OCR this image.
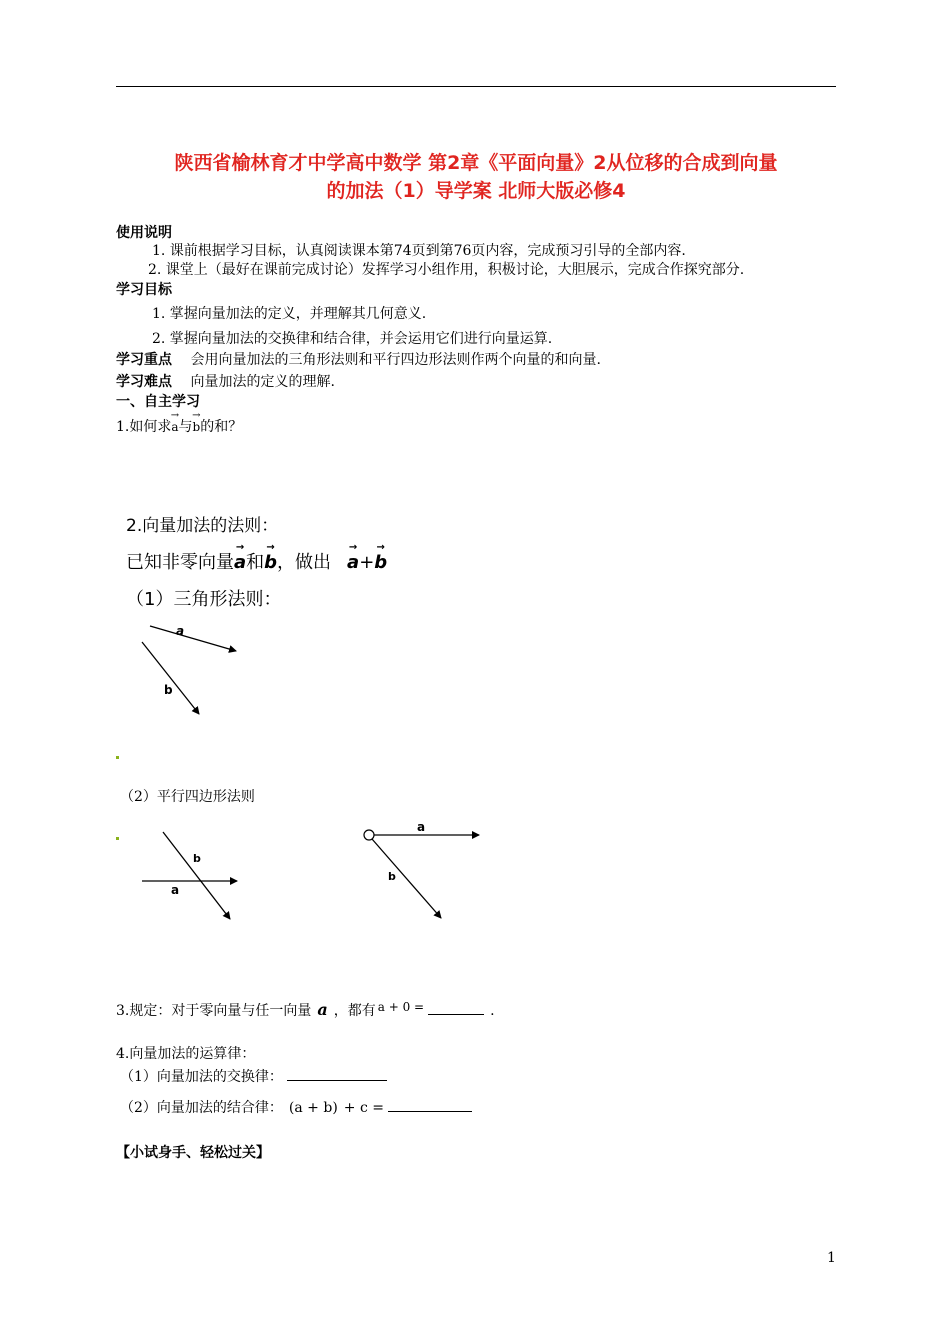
陕西省榆林育才中学高中数学 第2章《平面向量》2从位移的合成到向量
的加法（1）导学案 北师大版必修4
使用说明
1. 课前根据学习目标，认真阅读课本第74页到第76页内容，完成预习引导的全部内容.
2. 课堂上（最好在课前完成讨论）发挥学习小组作用，积极讨论，大胆展示，完成合作探究部分.
学习目标
1. 掌握向量加法的定义，并理解其几何意义.
2. 掌握向量加法的交换律和结合律，并会运用它们进行向量运算.
学习重点 会用向量加法的三角形法则和平行四边形法则作两个向量的和向量.
学习难点 向量加法的定义的理解.
一、自主学习
1.如何求→ a与→ b的和？
2.向量加法的法则：
已知非零向量→ a和→ b，做出→ a+→ b
（1）三角形法则：
a
b
a
b
a
b
（2）平行四边形法则
3.规定：对于零向量与任一向量 a ，都有 a + 0 =	.
4.向量加法的运算律：
（1）向量加法的交换律：
（2）向量加法的结合律： (a + b) + c =
【小试身手、轻松过关】
1
